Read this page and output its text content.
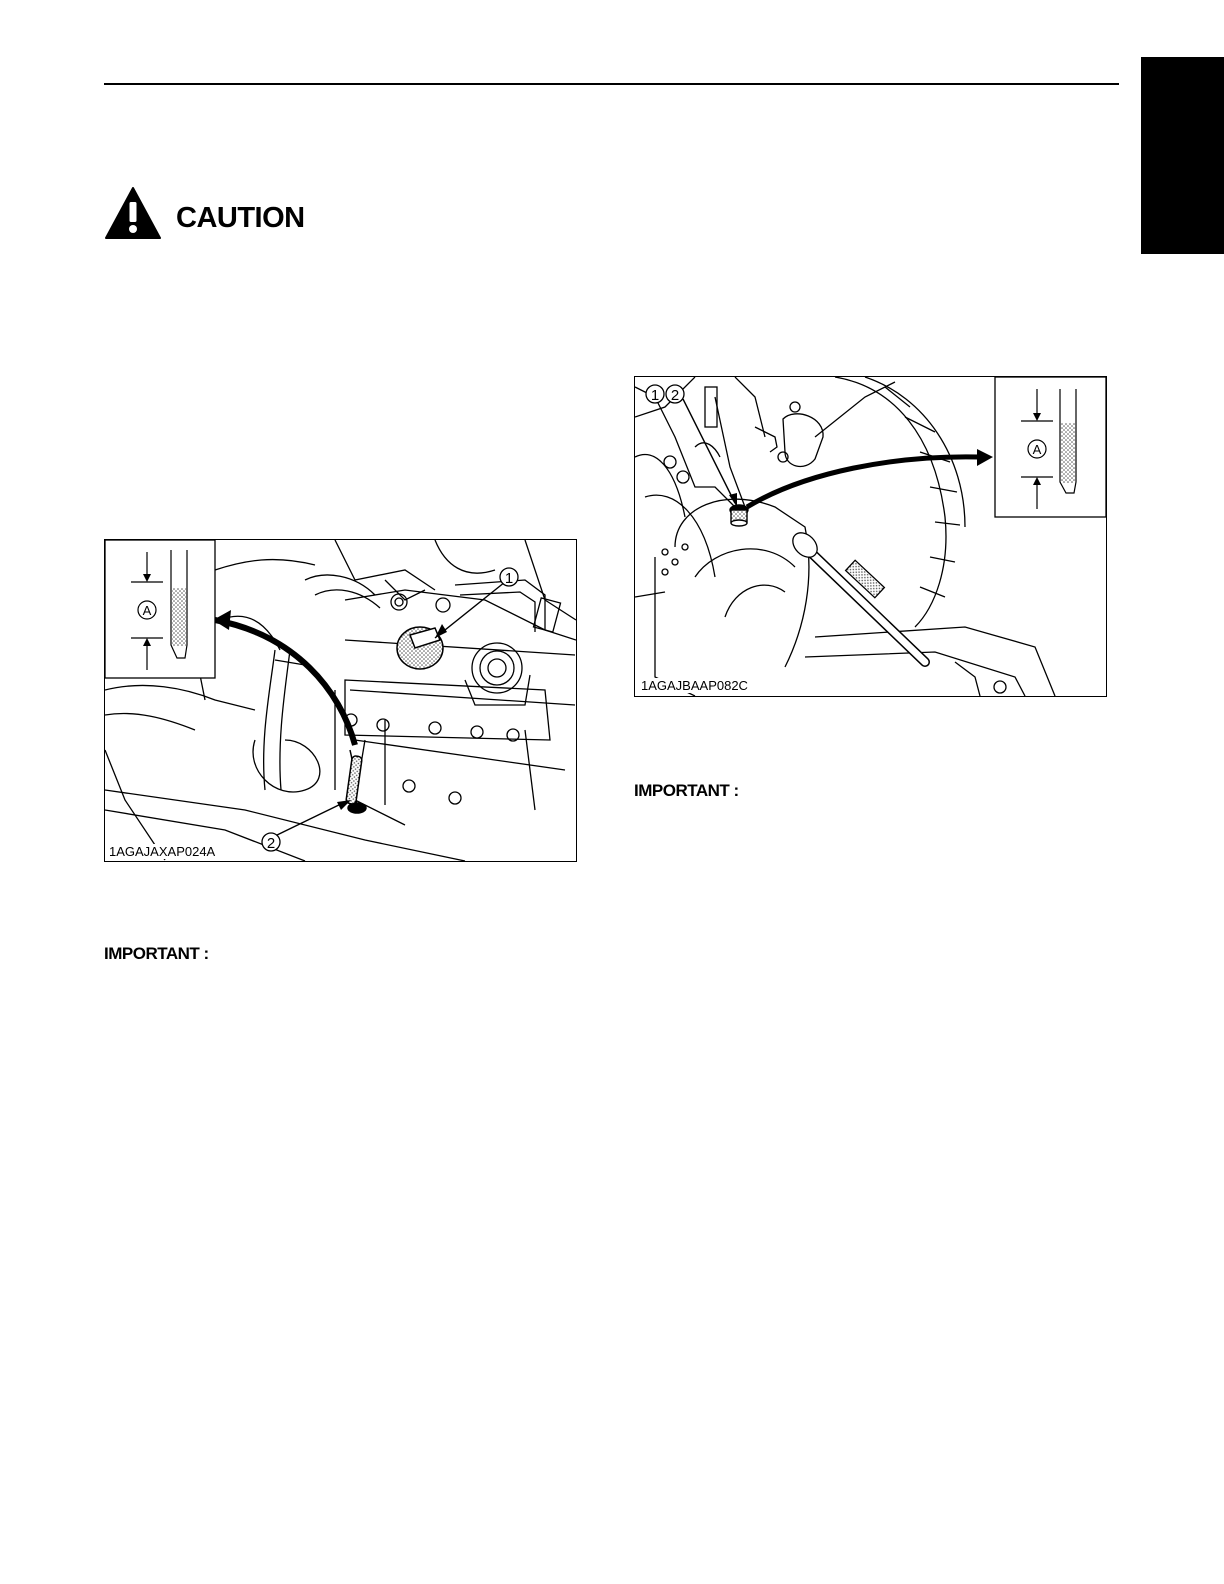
CAUTION
A
1
2
1AGAJAXAP024A
A
1 2
1AGAJBAAP082C
IMPORTANT :
IMPORTANT :
